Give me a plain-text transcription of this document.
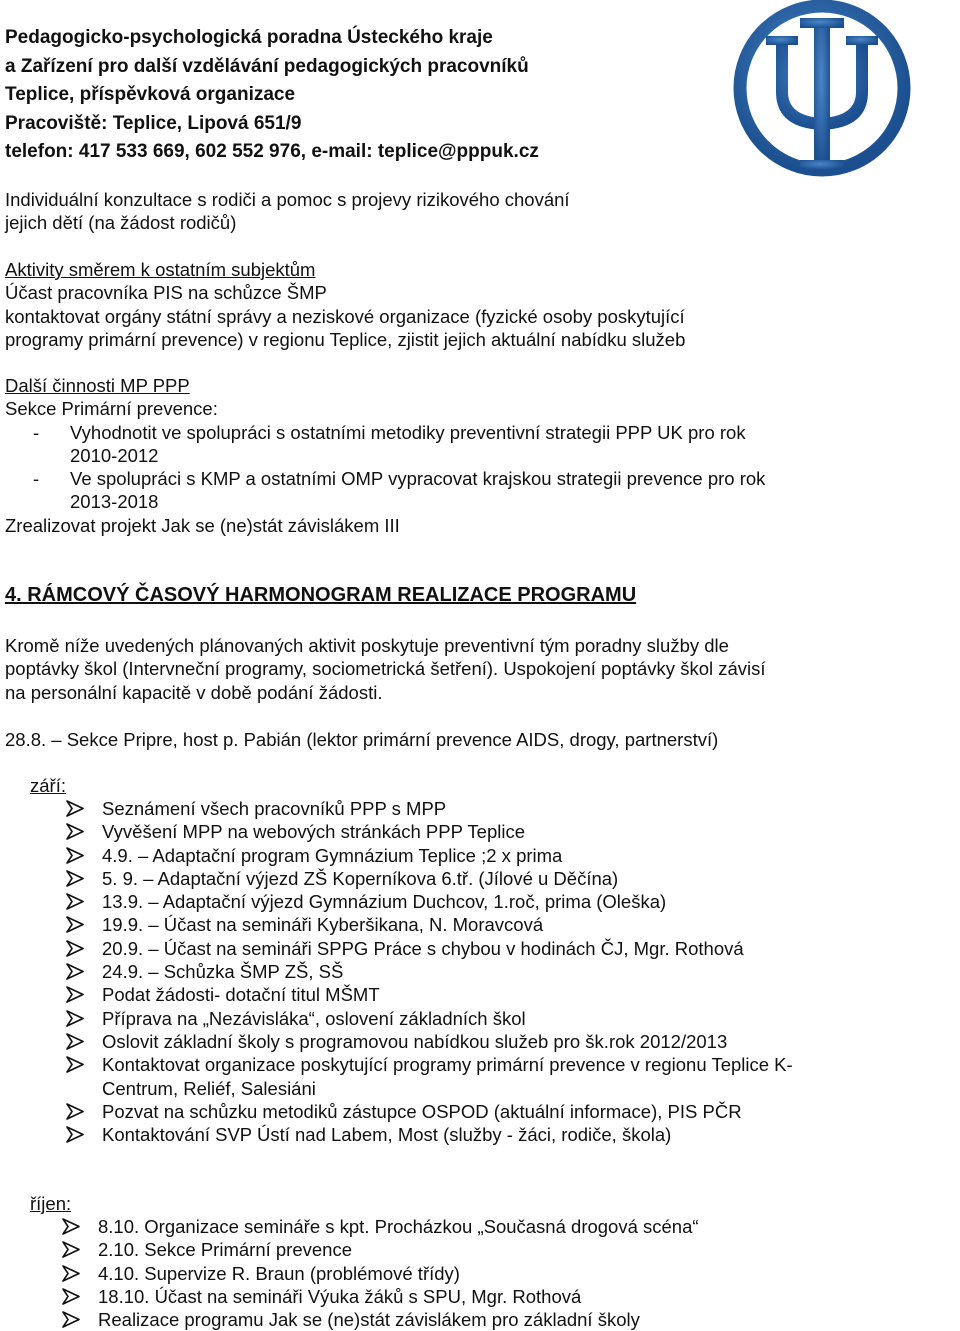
Pedagogicko-psychologická poradna Ústeckého kraje
a Zařízení pro další vzdělávání pedagogických pracovníků
Teplice, příspěvková organizace
Pracoviště: Teplice, Lipová 651/9
telefon: 417 533 669, 602 552 976, e-mail: teplice@pppuk.cz
Individuální konzultace s rodiči a pomoc s projevy rizikového chování
jejich dětí (na žádost rodičů)
Aktivity směrem k ostatním subjektům
Účast pracovníka PIS na schůzce ŠMP
kontaktovat orgány státní správy a neziskové organizace (fyzické osoby poskytující
programy primární prevence) v regionu Teplice, zjistit jejich aktuální nabídku služeb
Další činnosti MP PPP
Sekce Primární prevence:
- Vyhodnotit ve spolupráci s ostatními metodiky preventivní strategii PPP UK pro rok
2010-2012
- Ve spolupráci s KMP a ostatními OMP vypracovat krajskou strategii prevence pro rok
2013-2018
Zrealizovat projekt Jak se (ne)stát závislákem III
4. RÁMCOVÝ ČASOVÝ HARMONOGRAM REALIZACE PROGRAMU
Kromě níže uvedených plánovaných aktivit poskytuje preventivní tým poradny služby dle
poptávky škol (Intervneční programy, sociometrická šetření). Uspokojení poptávky škol závisí
na personální kapacitě v době podání žádosti.
28.8. – Sekce Pripre, host p. Pabián (lektor primární prevence AIDS, drogy, partnerství)
září:
Seznámení všech pracovníků PPP s MPP
Vyvěšení MPP na webových stránkách PPP Teplice
4.9. – Adaptační program Gymnázium Teplice ;2 x prima
5. 9. – Adaptační výjezd ZŠ Koperníkova 6.tř. (Jílové u Děčína)
13.9. – Adaptační výjezd Gymnázium Duchcov, 1.roč, prima (Oleška)
19.9. – Účast na semináři Kyberšikana, N. Moravcová
20.9. – Účast na semináři SPPG Práce s chybou v hodinách ČJ, Mgr. Rothová
24.9. – Schůzka ŠMP ZŠ, SŠ
Podat žádosti- dotační titul MŠMT
Příprava na „Nezávisláka“, oslovení základních škol
Oslovit základní školy s programovou nabídkou služeb pro šk.rok 2012/2013
Kontaktovat organizace poskytující programy primární prevence v regionu Teplice K-Centrum, Reliéf, Salesiáni
Pozvat na schůzku metodiků zástupce OSPOD (aktuální informace), PIS PČR
Kontaktování SVP Ústí nad Labem, Most (služby - žáci, rodiče, škola)
říjen:
8.10. Organizace semináře s kpt. Procházkou „Současná drogová scéna“
2.10. Sekce Primární prevence
4.10. Supervize R. Braun (problémové třídy)
18.10. Účast na semináři Výuka žáků s SPU, Mgr. Rothová
Realizace programu Jak se (ne)stát závislákem pro základní školy
